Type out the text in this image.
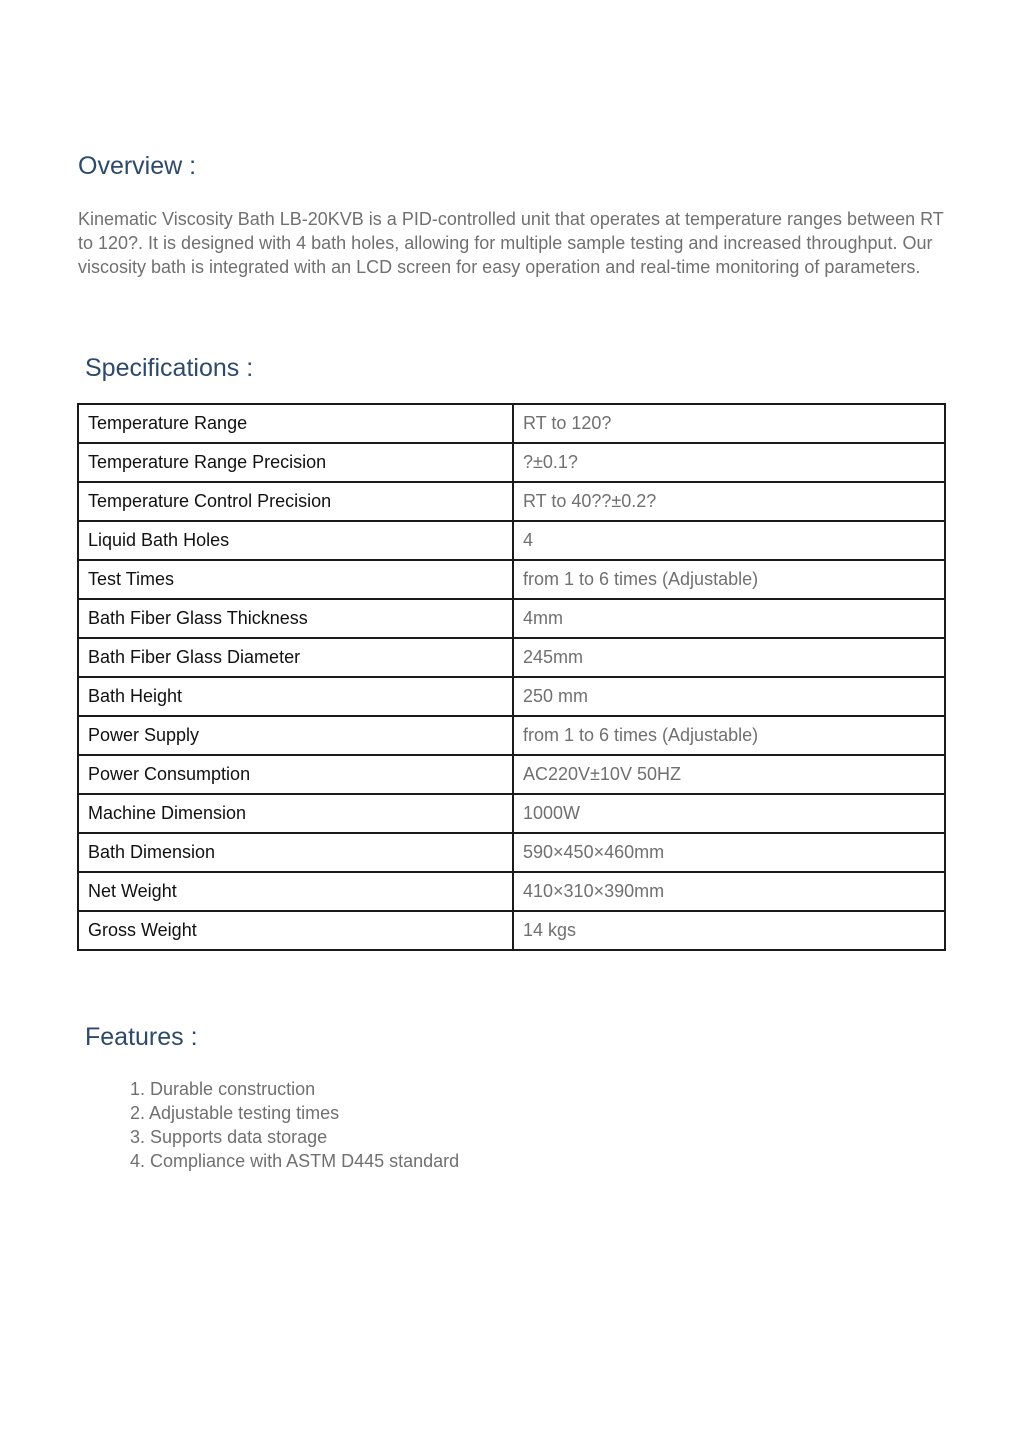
Overview :

Kinematic Viscosity Bath LB-20KVB is a PID-controlled unit that operates at temperature ranges between RT to 120?. It is designed with 4 bath holes, allowing for multiple sample testing and increased throughput. Our viscosity bath is integrated with an LCD screen for easy operation and real-time monitoring of parameters.

Specifications :
Temperature Range	RT to 120?
Temperature Range Precision	?±0.1?
Temperature Control Precision	RT to 40??±0.2?
Liquid Bath Holes	4
Test Times	from 1 to 6 times (Adjustable)
Bath Fiber Glass Thickness	4mm
Bath Fiber Glass Diameter	245mm
Bath Height	250 mm
Power Supply	from 1 to 6 times (Adjustable)
Power Consumption	AC220V±10V 50HZ
Machine Dimension	1000W
Bath Dimension	590×450×460mm
Net Weight	410×310×390mm
Gross Weight	14 kgs
Features :
1. Durable construction
2. Adjustable testing times
3. Supports data storage
4. Compliance with ASTM D445 standard
